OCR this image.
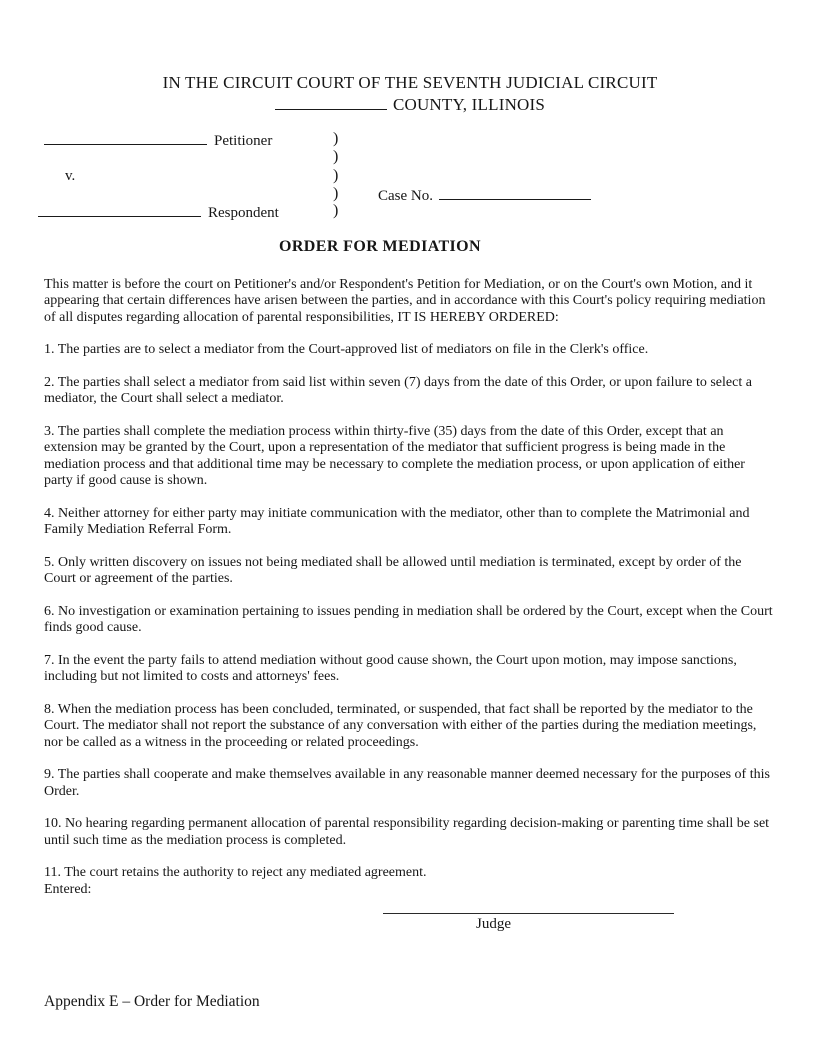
IN THE CIRCUIT COURT OF THE SEVENTH JUDICIAL CIRCUIT
COUNTY, ILLINOIS
Petitioner
v.
Respondent
)
)
)
)
)
Case No.
ORDER FOR MEDIATION

This matter is before the court on Petitioner's and/or Respondent's Petition for Mediation, or on the Court's own Motion, and it appearing that certain differences have arisen between the parties, and in accordance with this Court's policy requiring mediation of all disputes regarding allocation of parental responsibilities, IT IS HEREBY ORDERED:

1. The parties are to select a mediator from the Court-approved list of mediators on file in the Clerk's office.

2. The parties shall select a mediator from said list within seven (7) days from the date of this Order, or upon failure to select a mediator, the Court shall select a mediator.

3. The parties shall complete the mediation process within thirty-five (35) days from the date of this Order, except that an extension may be granted by the Court, upon a representation of the mediator that sufficient progress is being made in the mediation process and that additional time may be necessary to complete the mediation process, or upon application of either party if good cause is shown.

4. Neither attorney for either party may initiate communication with the mediator, other than to complete the Matrimonial and Family Mediation Referral Form.

5. Only written discovery on issues not being mediated shall be allowed until mediation is terminated, except by order of the Court or agreement of the parties.

6. No investigation or examination pertaining to issues pending in mediation shall be ordered by the Court, except when the Court finds good cause.

7. In the event the party fails to attend mediation without good cause shown, the Court upon motion, may impose sanctions, including but not limited to costs and attorneys' fees.

8. When the mediation process has been concluded, terminated, or suspended, that fact shall be reported by the mediator to the Court. The mediator shall not report the substance of any conversation with either of the parties during the mediation meetings, nor be called as a witness in the proceeding or related proceedings.

9. The parties shall cooperate and make themselves available in any reasonable manner deemed necessary for the purposes of this Order.

10. No hearing regarding permanent allocation of parental responsibility regarding decision-making or parenting time shall be set until such time as the mediation process is completed.

11. The court retains the authority to reject any mediated agreement.
Entered:

Judge
Appendix E – Order for Mediation
